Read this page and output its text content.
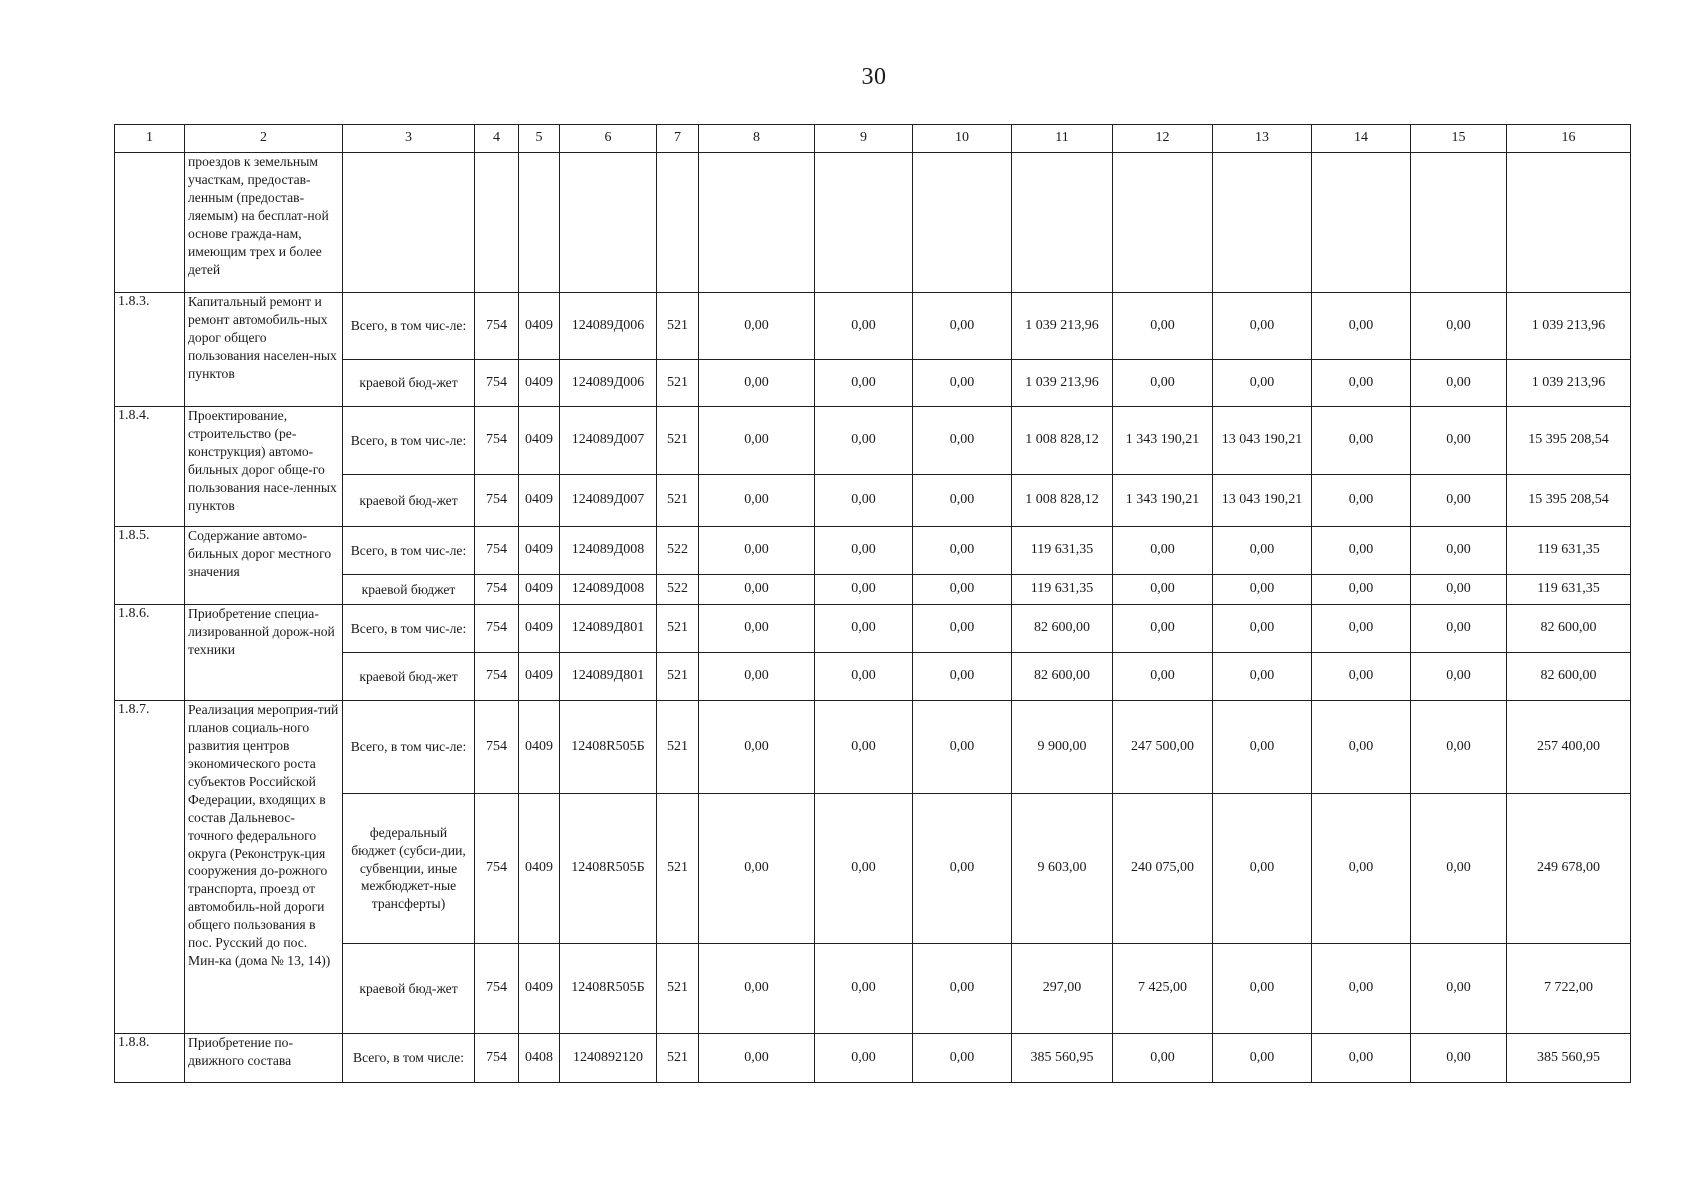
30
1	2	3	4	5	6	7	8	9	10	11	12	13	14	15	16
	проездов к земельным участкам, предостав-ленным (предостав-ляемым) на бесплат-ной основе гражда-нам, имеющим трех и более детей														
1.8.3.	Капитальный ремонт и ремонт автомобиль-ных дорог общего пользования населен-ных пунктов	Всего, в том чис-ле:	754	0409	124089Д006	521	0,00	0,00	0,00	1 039 213,96	0,00	0,00	0,00	0,00	1 039 213,96
		краевой бюд-жет	754	0409	124089Д006	521	0,00	0,00	0,00	1 039 213,96	0,00	0,00	0,00	0,00	1 039 213,96
1.8.4.	Проектирование, строительство (ре-конструкция) автомо-бильных дорог обще-го пользования насе-ленных пунктов	Всего, в том чис-ле:	754	0409	124089Д007	521	0,00	0,00	0,00	1 008 828,12	1 343 190,21	13 043 190,21	0,00	0,00	15 395 208,54
		краевой бюд-жет	754	0409	124089Д007	521	0,00	0,00	0,00	1 008 828,12	1 343 190,21	13 043 190,21	0,00	0,00	15 395 208,54
1.8.5.	Содержание автомо-бильных дорог местного значения	Всего, в том чис-ле:	754	0409	124089Д008	522	0,00	0,00	0,00	119 631,35	0,00	0,00	0,00	0,00	119 631,35
		краевой бюджет	754	0409	124089Д008	522	0,00	0,00	0,00	119 631,35	0,00	0,00	0,00	0,00	119 631,35
1.8.6.	Приобретение специа-лизированной дорож-ной техники	Всего, в том чис-ле:	754	0409	124089Д801	521	0,00	0,00	0,00	82 600,00	0,00	0,00	0,00	0,00	82 600,00
		краевой бюд-жет	754	0409	124089Д801	521	0,00	0,00	0,00	82 600,00	0,00	0,00	0,00	0,00	82 600,00
1.8.7.	Реализация мероприя-тий планов социаль-ного развития центров экономического роста субъектов Российской Федерации, входящих в состав Дальневос-точного федерального округа (Реконструк-ция сооружения до-рожного транспорта, проезд от автомобиль-ной дороги общего пользования в пос. Русский до пос. Мин-ка (дома № 13, 14))	Всего, в том чис-ле:	754	0409	12408R505Б	521	0,00	0,00	0,00	9 900,00	247 500,00	0,00	0,00	0,00	257 400,00
		федеральный бюджет (субси-дии, субвенции, иные межбюджет-ные трансферты)	754	0409	12408R505Б	521	0,00	0,00	0,00	9 603,00	240 075,00	0,00	0,00	0,00	249 678,00
		краевой бюд-жет	754	0409	12408R505Б	521	0,00	0,00	0,00	297,00	7 425,00	0,00	0,00	0,00	7 722,00
1.8.8.	Приобретение по-движного состава	Всего, в том числе:	754	0408	1240892120	521	0,00	0,00	0,00	385 560,95	0,00	0,00	0,00	0,00	385 560,95
